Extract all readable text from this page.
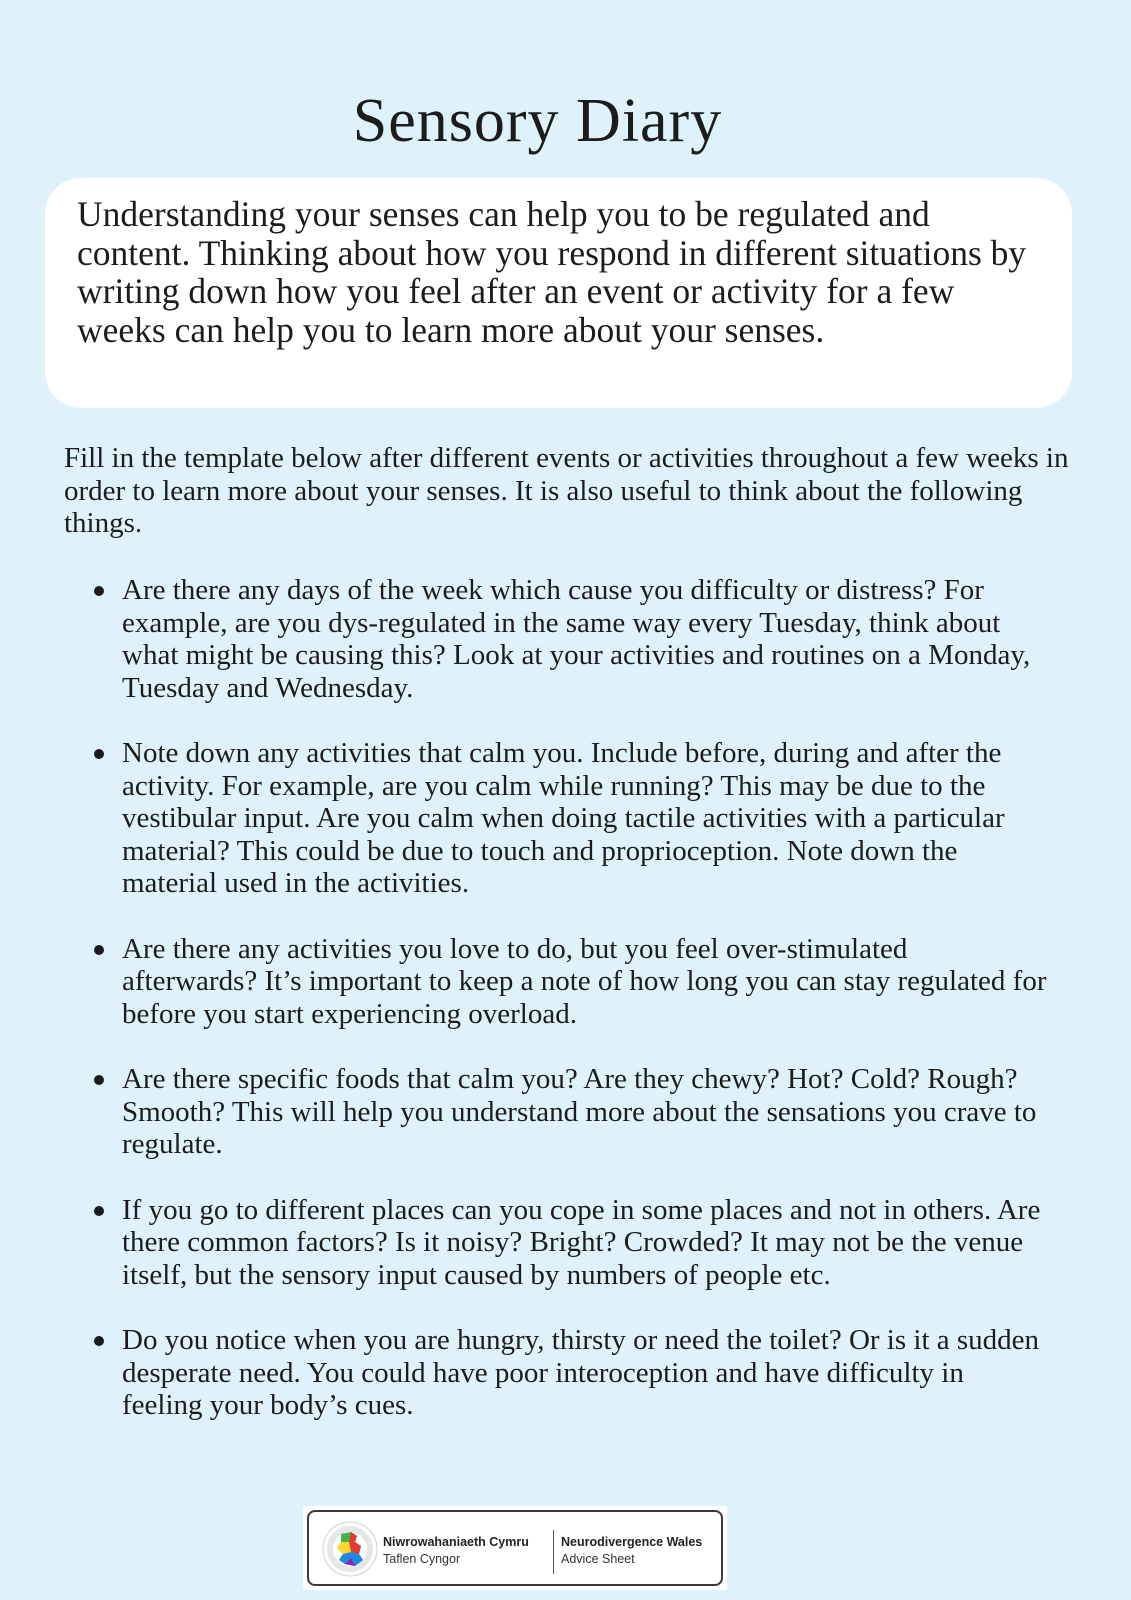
Sensory Diary

Understanding your senses can help you to be regulated and content. Thinking about how you respond in different situations by writing down how you feel after an event or activity for a few weeks can help you to learn more about your senses.

Fill in the template below after different events or activities throughout a few weeks in order to learn more about your senses. It is also useful to think about the following things.

Are there any days of the week which cause you difficulty or distress? For example, are you dys-regulated in the same way every Tuesday, think about what might be causing this? Look at your activities and routines on a Monday, Tuesday and Wednesday.
Note down any activities that calm you. Include before, during and after the activity. For example, are you calm while running? This may be due to the vestibular input. Are you calm when doing tactile activities with a particular material? This could be due to touch and proprioception. Note down the material used in the activities.
Are there any activities you love to do, but you feel over-stimulated afterwards? It’s important to keep a note of how long you can stay regulated for before you start experiencing overload.
Are there specific foods that calm you? Are they chewy? Hot? Cold? Rough? Smooth? This will help you understand more about the sensations you crave to regulate.
If you go to different places can you cope in some places and not in others. Are there common factors? Is it noisy? Bright? Crowded? It may not be the venue itself, but the sensory input caused by numbers of people etc.
Do you notice when you are hungry, thirsty or need the toilet? Or is it a sudden desperate need. You could have poor interoception and have difficulty in feeling your body’s cues.
Niwrowahaniaeth Cymru
Taflen Cyngor
Neurodivergence Wales
Advice Sheet
